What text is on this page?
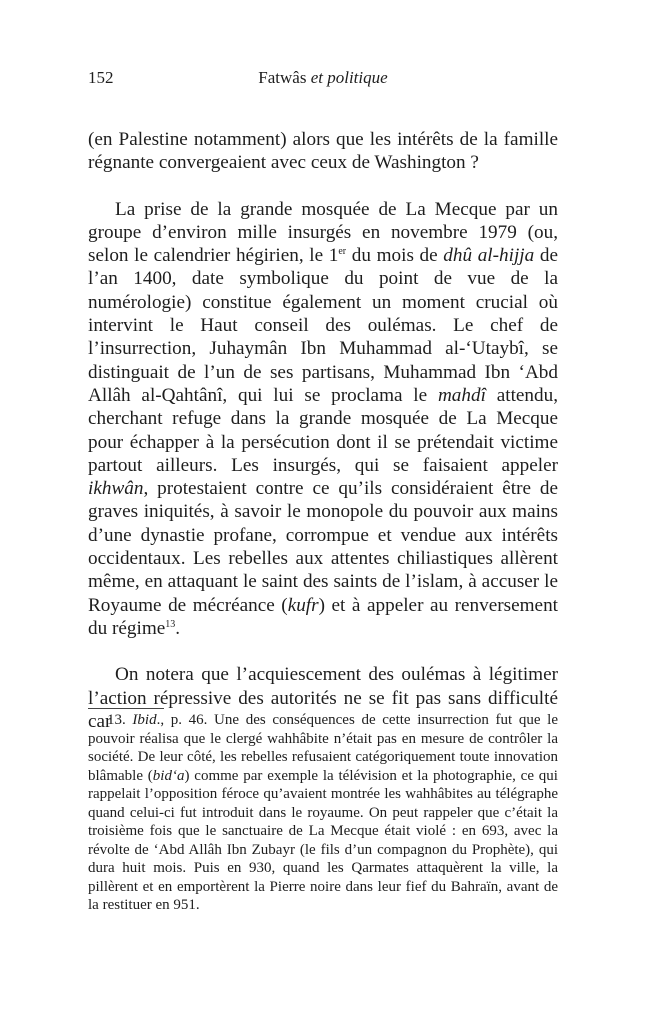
152	Fatwâs et politique

(en Palestine notamment) alors que les intérêts de la famille régnante convergeaient avec ceux de Washington ?

La prise de la grande mosquée de La Mecque par un groupe d’environ mille insurgés en novembre 1979 (ou, selon le calendrier hégirien, le 1er du mois de dhû al-hijja de l’an 1400, date symbolique du point de vue de la numérologie) constitue également un moment crucial où intervint le Haut conseil des oulémas. Le chef de l’insurrection, Juhaymân Ibn Muhammad al-‘Utaybî, se distinguait de l’un de ses partisans, Muhammad Ibn ‘Abd Allâh al-Qahtânî, qui lui se proclama le mahdî attendu, cherchant refuge dans la grande mosquée de La Mecque pour échapper à la persécution dont il se prétendait victime partout ailleurs. Les insurgés, qui se faisaient appeler ikhwân, protestaient contre ce qu’ils considéraient être de graves iniquités, à savoir le monopole du pouvoir aux mains d’une dynastie profane, corrompue et vendue aux intérêts occidentaux. Les rebelles aux attentes chiliastiques allèrent même, en attaquant le saint des saints de l’islam, à accuser le Royaume de mécréance (kufr) et à appeler au renversement du régime$^{13}$.

On notera que l’acquiescement des oulémas à légitimer l’action répressive des autorités ne se fit pas sans difficulté car

13. Ibid., p. 46. Une des conséquences de cette insurrection fut que le pouvoir réalisa que le clergé wahhâbite n’était pas en mesure de contrôler la société. De leur côté, les rebelles refusaient catégoriquement toute innovation blâmable (bid‘a) comme par exemple la télévision et la photographie, ce qui rappelait l’opposition féroce qu’avaient montrée les wahhâbites au télégraphe quand celui-ci fut introduit dans le royaume. On peut rappeler que c’était la troisième fois que le sanctuaire de La Mecque était violé : en 693, avec la révolte de ‘Abd Allâh Ibn Zubayr (le fils d’un compagnon du Prophète), qui dura huit mois. Puis en 930, quand les Qarmates attaquèrent la ville, la pillèrent et en emportèrent la Pierre noire dans leur fief du Bahraïn, avant de la restituer en 951.
